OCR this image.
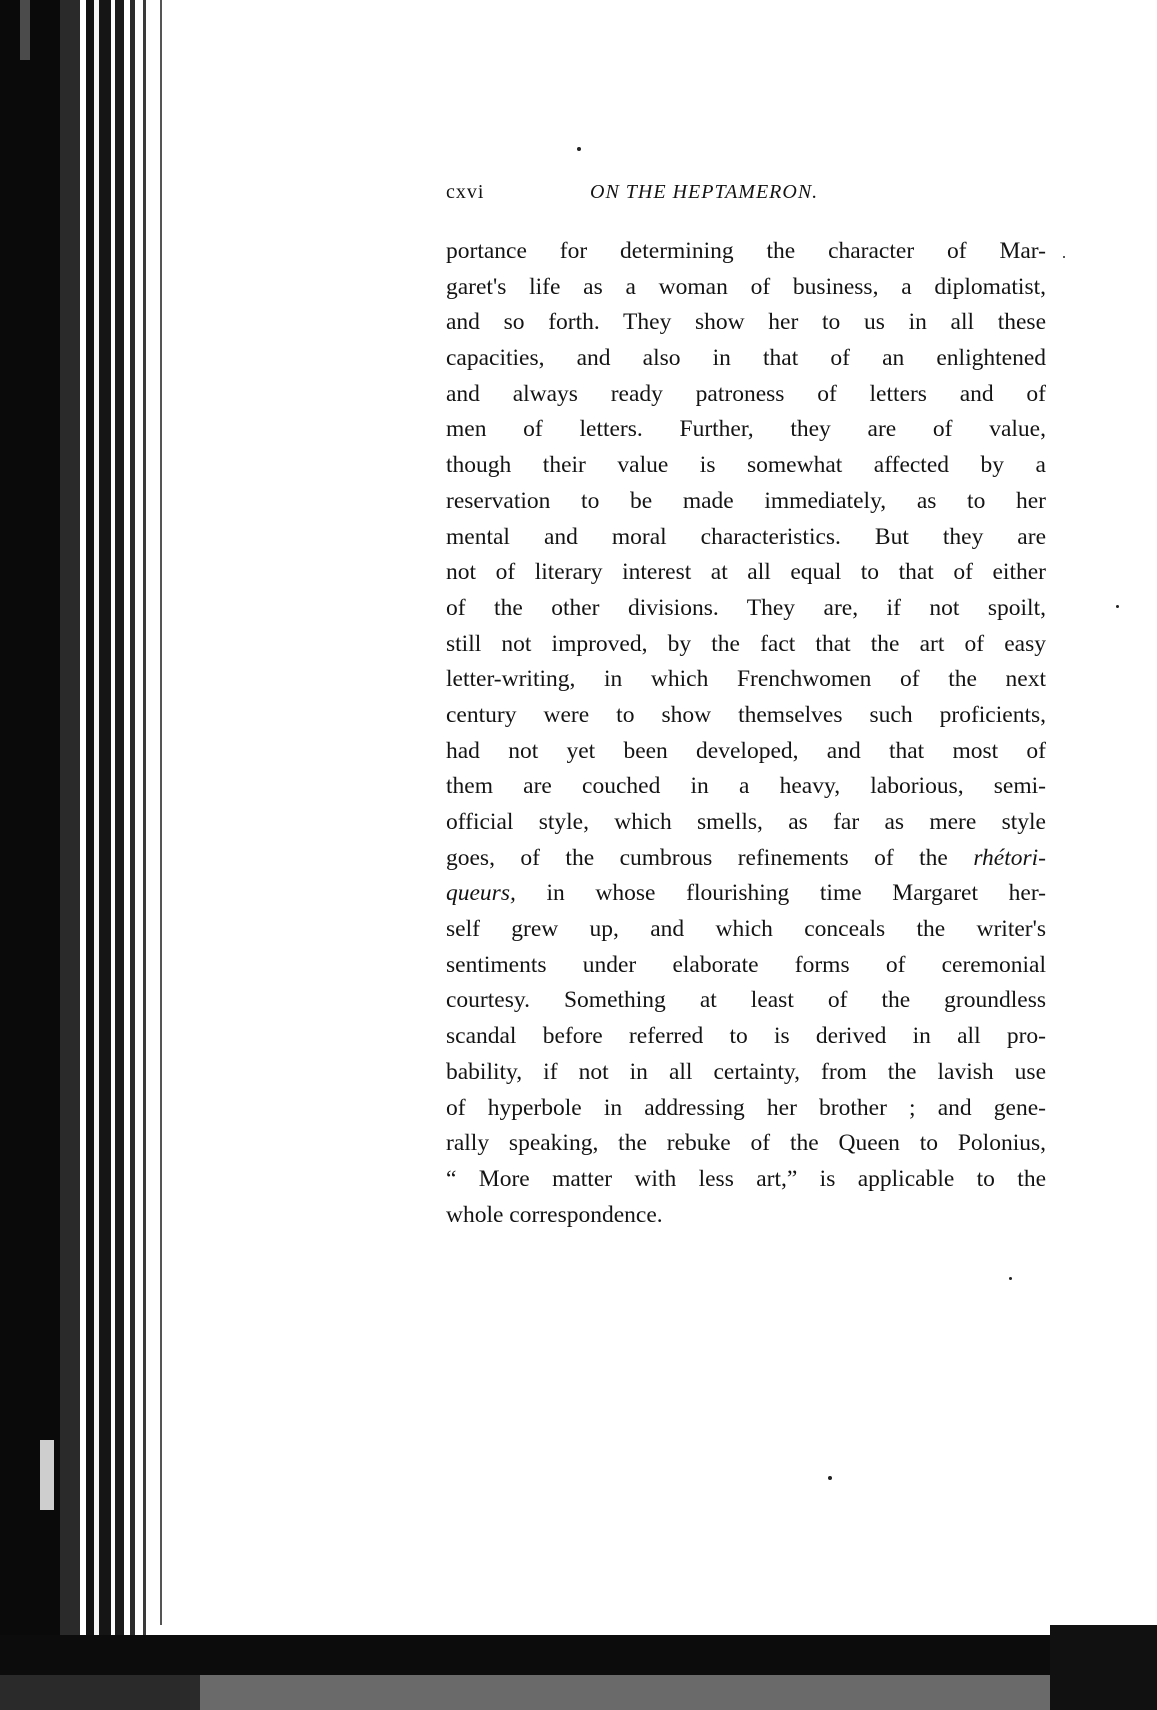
cxvi	ON THE HEPTAMERON.
portance for determining the character of Mar-
garet's life as a woman of business, a diplomatist,
and so forth. They show her to us in all these
capacities, and also in that of an enlightened
and always ready patroness of letters and of
men of letters. Further, they are of value,
though their value is somewhat affected by a
reservation to be made immediately, as to her
mental and moral characteristics. But they are
not of literary interest at all equal to that of either
of the other divisions. They are, if not spoilt,
still not improved, by the fact that the art of easy
letter-writing, in which Frenchwomen of the next
century were to show themselves such proficients,
had not yet been developed, and that most of
them are couched in a heavy, laborious, semi-
official style, which smells, as far as mere style
goes, of the cumbrous refinements of the rhétori-
queurs, in whose flourishing time Margaret her-
self grew up, and which conceals the writer's
sentiments under elaborate forms of ceremonial
courtesy. Something at least of the groundless
scandal before referred to is derived in all pro-
bability, if not in all certainty, from the lavish use
of hyperbole in addressing her brother ; and gene-
rally speaking, the rebuke of the Queen to Polonius,
“ More matter with less art,” is applicable to the
whole correspondence.
